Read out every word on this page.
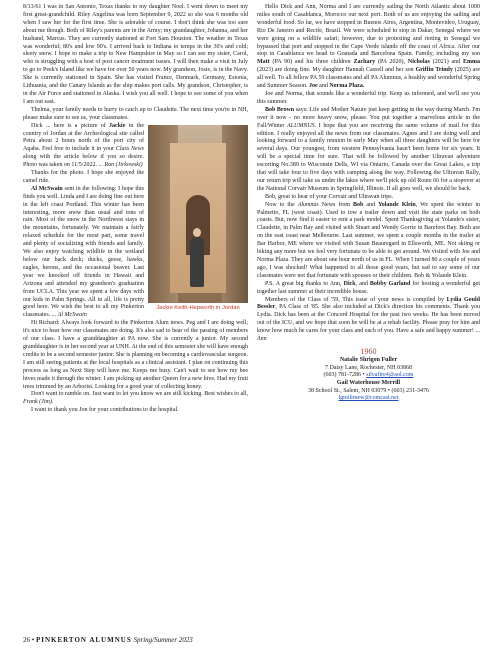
8/13/61 I was in San Antonio, Texas thanks to my daughter Noel. I went down to meet my first great-grandchild. Riley Angelina was born September 9, 2022 so she was 6 months old when I saw her for the first time. She is adorable of course. I don't think she was too sure about me though. Both of Riley's parents are in the Army; my grandaughter, Johanna, and her husband, Marcus. They are currently stationed at Fort Sam Houston. The weather in Texas was wonderful; 80's and low 90's. I arrived back to Indiana to temps in the 30's and cold; sleety snow. I hope to make a trip to New Hampshire in May so I can see my sister, Carol, who is struggling with a host of post cancer treatment issues. I will then make a visit in July to go to Peek's Island like we have for over 50 years now. My grandson, Josie, is in the Navy. She is currently stationed in Spain. She has visited France, Denmark, Germany, Estonia, Lithuania, and the Canary Islands as the ship makes port calls. My grandson, Christopher, is in the Air Force and stationed in Alaska. I wish you all well. I hope to see some of you when I am out east.

Thelma, your family needs to hurry to catch up to Claudette. The next time you're in NH, please make sure to see us, your classmates.

Jackie Keith-Hepworth in Jordan

Dick ... here is a picture of Jackie in the country of Jordan at the Archeological site called Petra about 2 hours north of the port city of Aqaba. Feel free to include it in your Class News along with the article below if you so desire. Photo was taken on 11/5/2022. ... Ron (Jirkowski)

Thanks for the photo. I hope she enjoyed the camel ride.

Al McSwain sent in the following: I hope this finds you well. Linda and I are doing fine out here in the left coast Portland. This winter has been interesting, more snow than usual and tons of rain. Most of the snow in the Northwest stays in the mountains, fortunately. We maintain a fairly relaxed schedule for the most part, some travel and plenty of socializing with friends and family. We also enjoy watching wildlife in the wetland below our back deck; ducks, geese, hawks, eagles, herons, and the occasional beaver. Last year we knocked off friends in Hawaii and Arizona and attended my grandson's graduation from UCLA. This year we spent a few days with our kids in Palm Springs. All in all, life is pretty good here. We wish the best to all my Pinkerton classmates. ... Al McSwain

Hi Richard: Always look forward to the Pinkerton Alum news. Peg and I are doing well; it's nice to hear how our classmates are doing. It's also sad to hear of the passing of members of our class. I have a granddaughter at PA now. She is currently a junior. My second granddaughter is in her second year at UNH. At the end of this semester she will have enough credits to be a second semester junior. She is planning on becoming a cardiovascular surgeon. I am still seeing patients at the local hospitals as a clinical assistant. I plan on continuing this process as long as Next Step will have me. Keeps me busy. Can't wait to see how my bee hives made it through the winter. I am picking up another Queen for a new hive. Had my fruit trees trimmed by an Arborist. Looking for a good year of collecting honey.

Don't want to ramble on. Just want to let you know we are still kicking. Best wishes to all, Frank (Jim).

I want to thank you Jon for your contributions to the hospital.

Hello Dick and Ann, Norma and I are currently sailing the North Atlantic about 1000 miles south of Casablanca, Morocco our next port. Both of us are enjoying the sailing and wonderful food. So far, we have stopped in Buenos Aires, Argentina, Montevideo, Uruguay, Rio De Janeiro and Recife, Brazil. We were scheduled to stop in Dakar, Senegal where we were going on a wildlife safari; however, due to protesting and rioting in Senegal we bypassed that port and stopped in the Cape Verde islands off the coast of Africa. After our stop in Casablanca we head to Granada and Barcelona Spain. Family, including my son Matt (PA 90) and his three children Zachary (PA 2020), Nicholas (2021) and Emma (2023) are doing fine. My daughter Hannah Cassell and her son Griffin Trindy (2025) are all well. To all fellow PA 59 classmates and all PA Alumnus, a healthy and wonderful Spring and Summer Season. Joe and Norma Plaza.

Joe and Norma, that sounds like a wonderful trip. Keep us informed, and we'll see you this summer.

Bob Brown says: Life and Mother Nature just keep getting in the way during March. I'm over it now - no more heavy snow, please. You put together a marvelous article in the Fall/Winter ALUMNUS. I hope that you are receiving the same volume of mail for this edition. I really enjoyed all the news from our classmates. Agnes and I are doing well and looking forward to a family reunion in early May when all three daughters will be here for several days. Our youngest, from western Pennsylvania hasn't been home for six years. It will be a special time for sure. That will be followed by another Ultravan adventure escorting No.389 to Wisconsin Dells, WI via Ontario, Canada over the Great Lakes, a trip that will take four to five days with camping along the way. Following the Ultravan Rally, our return trip will take us under the lakes where we'll pick up old Route 66 for a stopover at the National Corvair Museum in Springfield, Illinois. If all goes well, we should be back.

Bob, great to hear of your Corvair and Ultravan trips.

Now to the Alumnus News from Bob and Yolande Klein, We spent the winter in Palmetto, FL (west coast). Used to tow a trailer down and visit the state parks on both coasts. But, now find it easier to rent a park model. Spent Thanksgiving at Yolande's sister, Claudette, in Palm Bay and visited with Stuart and Wendy Gorrie in Barefoot Bay. Both are on the east coast near Melbourne. Last summer, we spent a couple months in the trailer at Bar Harbor, ME where we visited with Susan Beauregard in Ellsworth, ME. Not skiing or biking any more but we feel very fortunate to be able to get around. We visited with Joe and Norma Plaza. They are about one hour north of us in FL. When I turned 80 a couple of years ago, I was shocked! What happened to all those good years, but sad to say some of our classmates were not that fortunate with spouses or their children. Bob & Yolande Klein.

P.S. A great big thanks to Ann, Dick, and Bobby Garland for hosting a wonderful get together last summer at their incredible house.

Members of the Class of '59, This issue of your news is compiled by Lydia Gould Bessler, PA Class of '85. She also included at Dick's direction his comments. Thank you Lydia. Dick has been at the Concord Hospital for the past two weeks. He has been moved out of the ICU, and we hope that soon he will be at a rehab facility. Please pray for him and know how much he cares for your class and each of you. Have a safe and happy summer! ... Ann

1960
Natalie Shrigon Fuller
7 Daisy Lane, Rochester, NH 03868
(603) 781-7286 • silvafire4@aol.com
Gail Waterhouse Merrill
38 School St., Salem, NH 03079 • (603) 231-3476
lgmilimew@comcast.net
26 • PINKERTON ALUMNUS Spring/Summer 2023
